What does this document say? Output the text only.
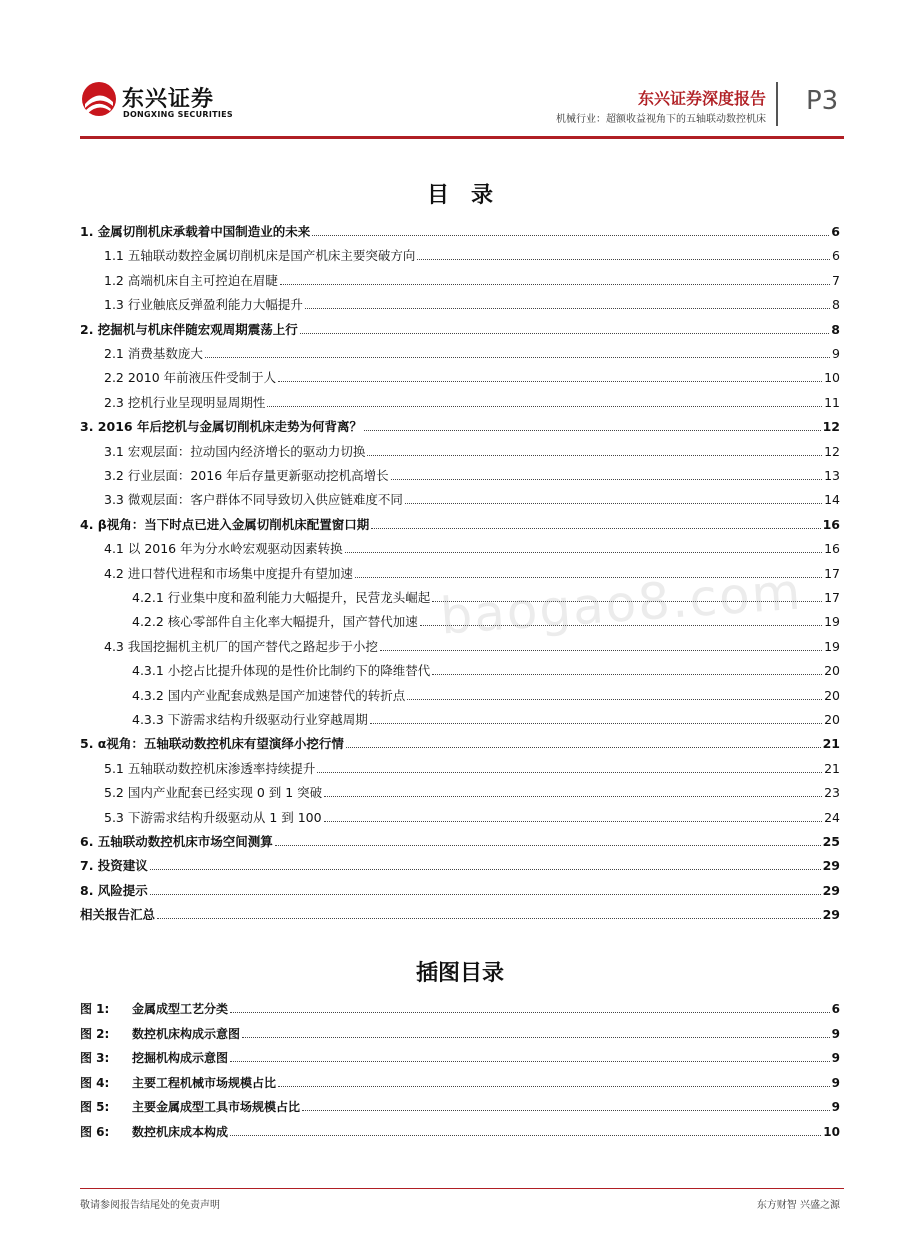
东兴证券
DONGXING SECURITIES
东兴证券深度报告
机械行业：超额收益视角下的五轴联动数控机床
P3
目　录
1. 金属切削机床承载着中国制造业的未来	6
1.1 五轴联动数控金属切削机床是国产机床主要突破方向	6
1.2 高端机床自主可控迫在眉睫	7
1.3 行业触底反弹盈利能力大幅提升	8
2. 挖掘机与机床伴随宏观周期震荡上行	8
2.1 消费基数庞大	9
2.2 2010 年前液压件受制于人	10
2.3 挖机行业呈现明显周期性	11
3. 2016 年后挖机与金属切削机床走势为何背离？	12
3.1 宏观层面：拉动国内经济增长的驱动力切换	12
3.2 行业层面：2016 年后存量更新驱动挖机高增长	13
3.3 微观层面：客户群体不同导致切入供应链难度不同	14
4. β视角：当下时点已进入金属切削机床配置窗口期	16
4.1 以 2016 年为分水岭宏观驱动因素转换	16
4.2 进口替代进程和市场集中度提升有望加速	17
4.2.1 行业集中度和盈利能力大幅提升，民营龙头崛起	17
4.2.2 核心零部件自主化率大幅提升，国产替代加速	19
4.3 我国挖掘机主机厂的国产替代之路起步于小挖	19
4.3.1 小挖占比提升体现的是性价比制约下的降维替代	20
4.3.2 国内产业配套成熟是国产加速替代的转折点	20
4.3.3 下游需求结构升级驱动行业穿越周期	20
5. α视角：五轴联动数控机床有望演绎小挖行情	21
5.1 五轴联动数控机床渗透率持续提升	21
5.2 国内产业配套已经实现 0 到 1 突破	23
5.3 下游需求结构升级驱动从 1 到 100	24
6. 五轴联动数控机床市场空间测算	25
7. 投资建议	29
8. 风险提示	29
相关报告汇总	29
插图目录
图 1:	金属成型工艺分类	6
图 2:	数控机床构成示意图	9
图 3:	挖掘机构成示意图	9
图 4:	主要工程机械市场规模占比	9
图 5:	主要金属成型工具市场规模占比	9
图 6:	数控机床成本构成	10
baogao8.com
敬请参阅报告结尾处的免责声明	东方财智 兴盛之源
